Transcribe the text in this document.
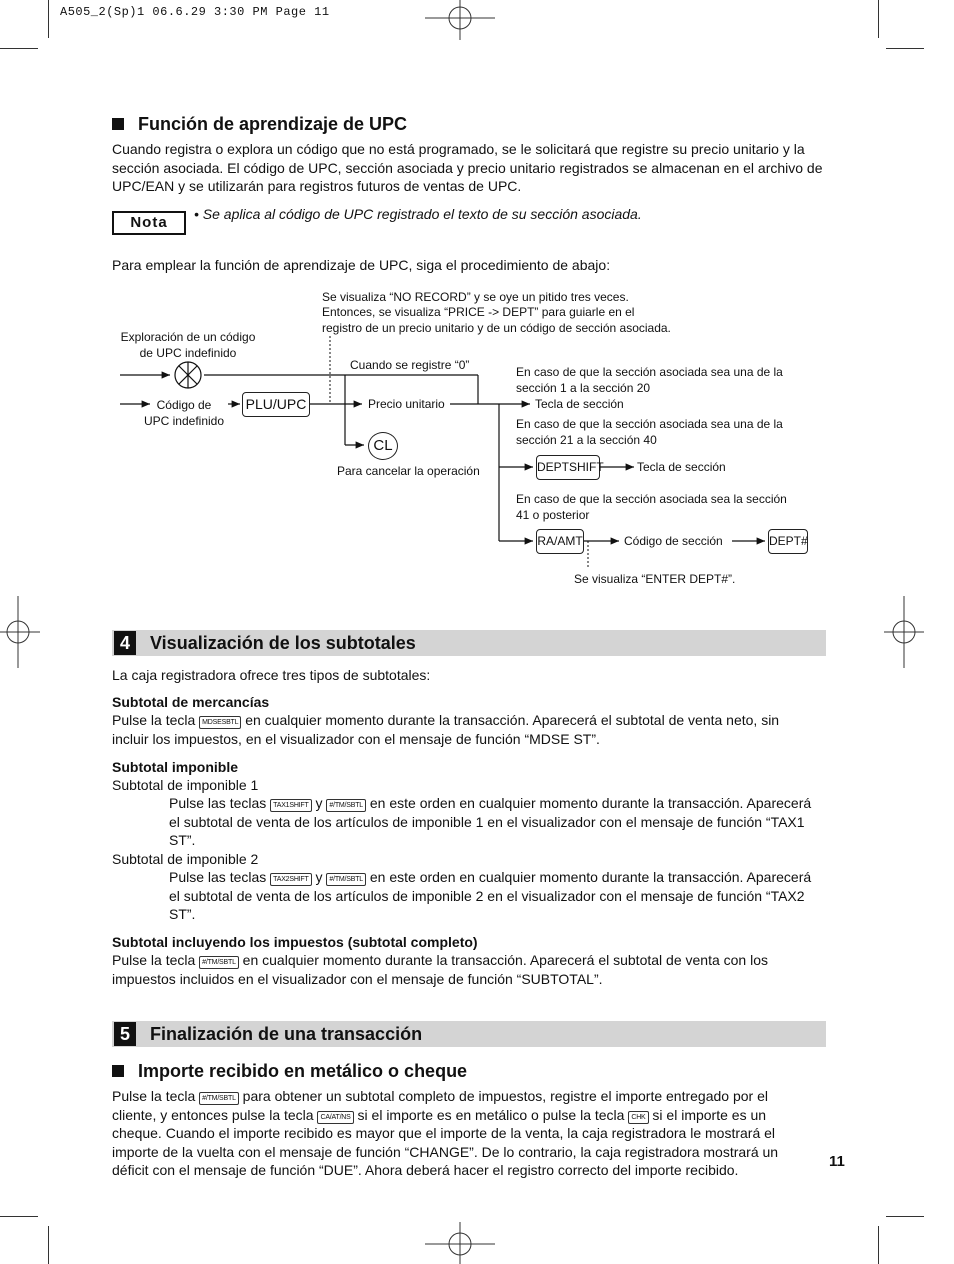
A505_2(Sp)1 06.6.29 3:30 PM Page 11
Función de aprendizaje de UPC
Cuando registra o explora un código que no está programado, se le solicitará que registre su precio unitario y la sección asociada. El código de UPC, sección asociada y precio unitario registrados se almacenan en el archivo de UPC/EAN y se utilizarán para registros futuros de ventas de UPC.
Nota	• Se aplica al código de UPC registrado el texto de su sección asociada.
Para emplear la función de aprendizaje de UPC, siga el procedimiento de abajo:
Se visualiza “NO RECORD” y se oye un pitido tres veces.
Entonces, se visualiza “PRICE -> DEPT” para guiarle en el
registro de un precio unitario y de un código de sección asociada.
Exploración de un código
de UPC indefinido
Código de
UPC indefinido
PLU/UPC
Cuando se registre “0”
Precio unitario
CL
Para cancelar la operación
En caso de que la sección asociada sea una de la
sección 1 a la sección 20
Tecla de sección
En caso de que la sección asociada sea una de la
sección 21 a la sección 40
DEPTSHIFT	Tecla de sección
En caso de que la sección asociada sea la sección
41 o posterior
RA/AMT	Código de sección	DEPT#
Se visualiza “ENTER DEPT#”.
4	Visualización de los subtotales
La caja registradora ofrece tres tipos de subtotales:
Subtotal de mercancías
Pulse la tecla MDSESBTL en cualquier momento durante la transacción. Aparecerá el subtotal de venta neto, sin
incluir los impuestos, en el visualizador con el mensaje de función “MDSE ST”.
Subtotal imponible
Subtotal de imponible 1
Pulse las teclas TAX1SHIFT y #/TM/SBTL en este orden en cualquier momento durante la transacción. Aparecerá
el subtotal de venta de los artículos de imponible 1 en el visualizador con el mensaje de función “TAX1
ST”.
Subtotal de imponible 2
Pulse las teclas TAX2SHIFT y #/TM/SBTL en este orden en cualquier momento durante la transacción. Aparecerá
el subtotal de venta de los artículos de imponible 2 en el visualizador con el mensaje de función “TAX2
ST”.
Subtotal incluyendo los impuestos (subtotal completo)
Pulse la tecla #/TM/SBTL en cualquier momento durante la transacción. Aparecerá el subtotal de venta con los
impuestos incluidos en el visualizador con el mensaje de función “SUBTOTAL”.
5	Finalización de una transacción
Importe recibido en metálico o cheque
Pulse la tecla #/TM/SBTL para obtener un subtotal completo de impuestos, registre el importe entregado por el
cliente, y entonces pulse la tecla CA/AT/NS si el importe es en metálico o pulse la tecla CHK si el importe es un
cheque. Cuando el importe recibido es mayor que el importe de la venta, la caja registradora le mostrará el
importe de la vuelta con el mensaje de función “CHANGE”. De lo contrario, la caja registradora mostrará un
déficit con el mensaje de función “DUE”. Ahora deberá hacer el registro correcto del importe recibido.	11
